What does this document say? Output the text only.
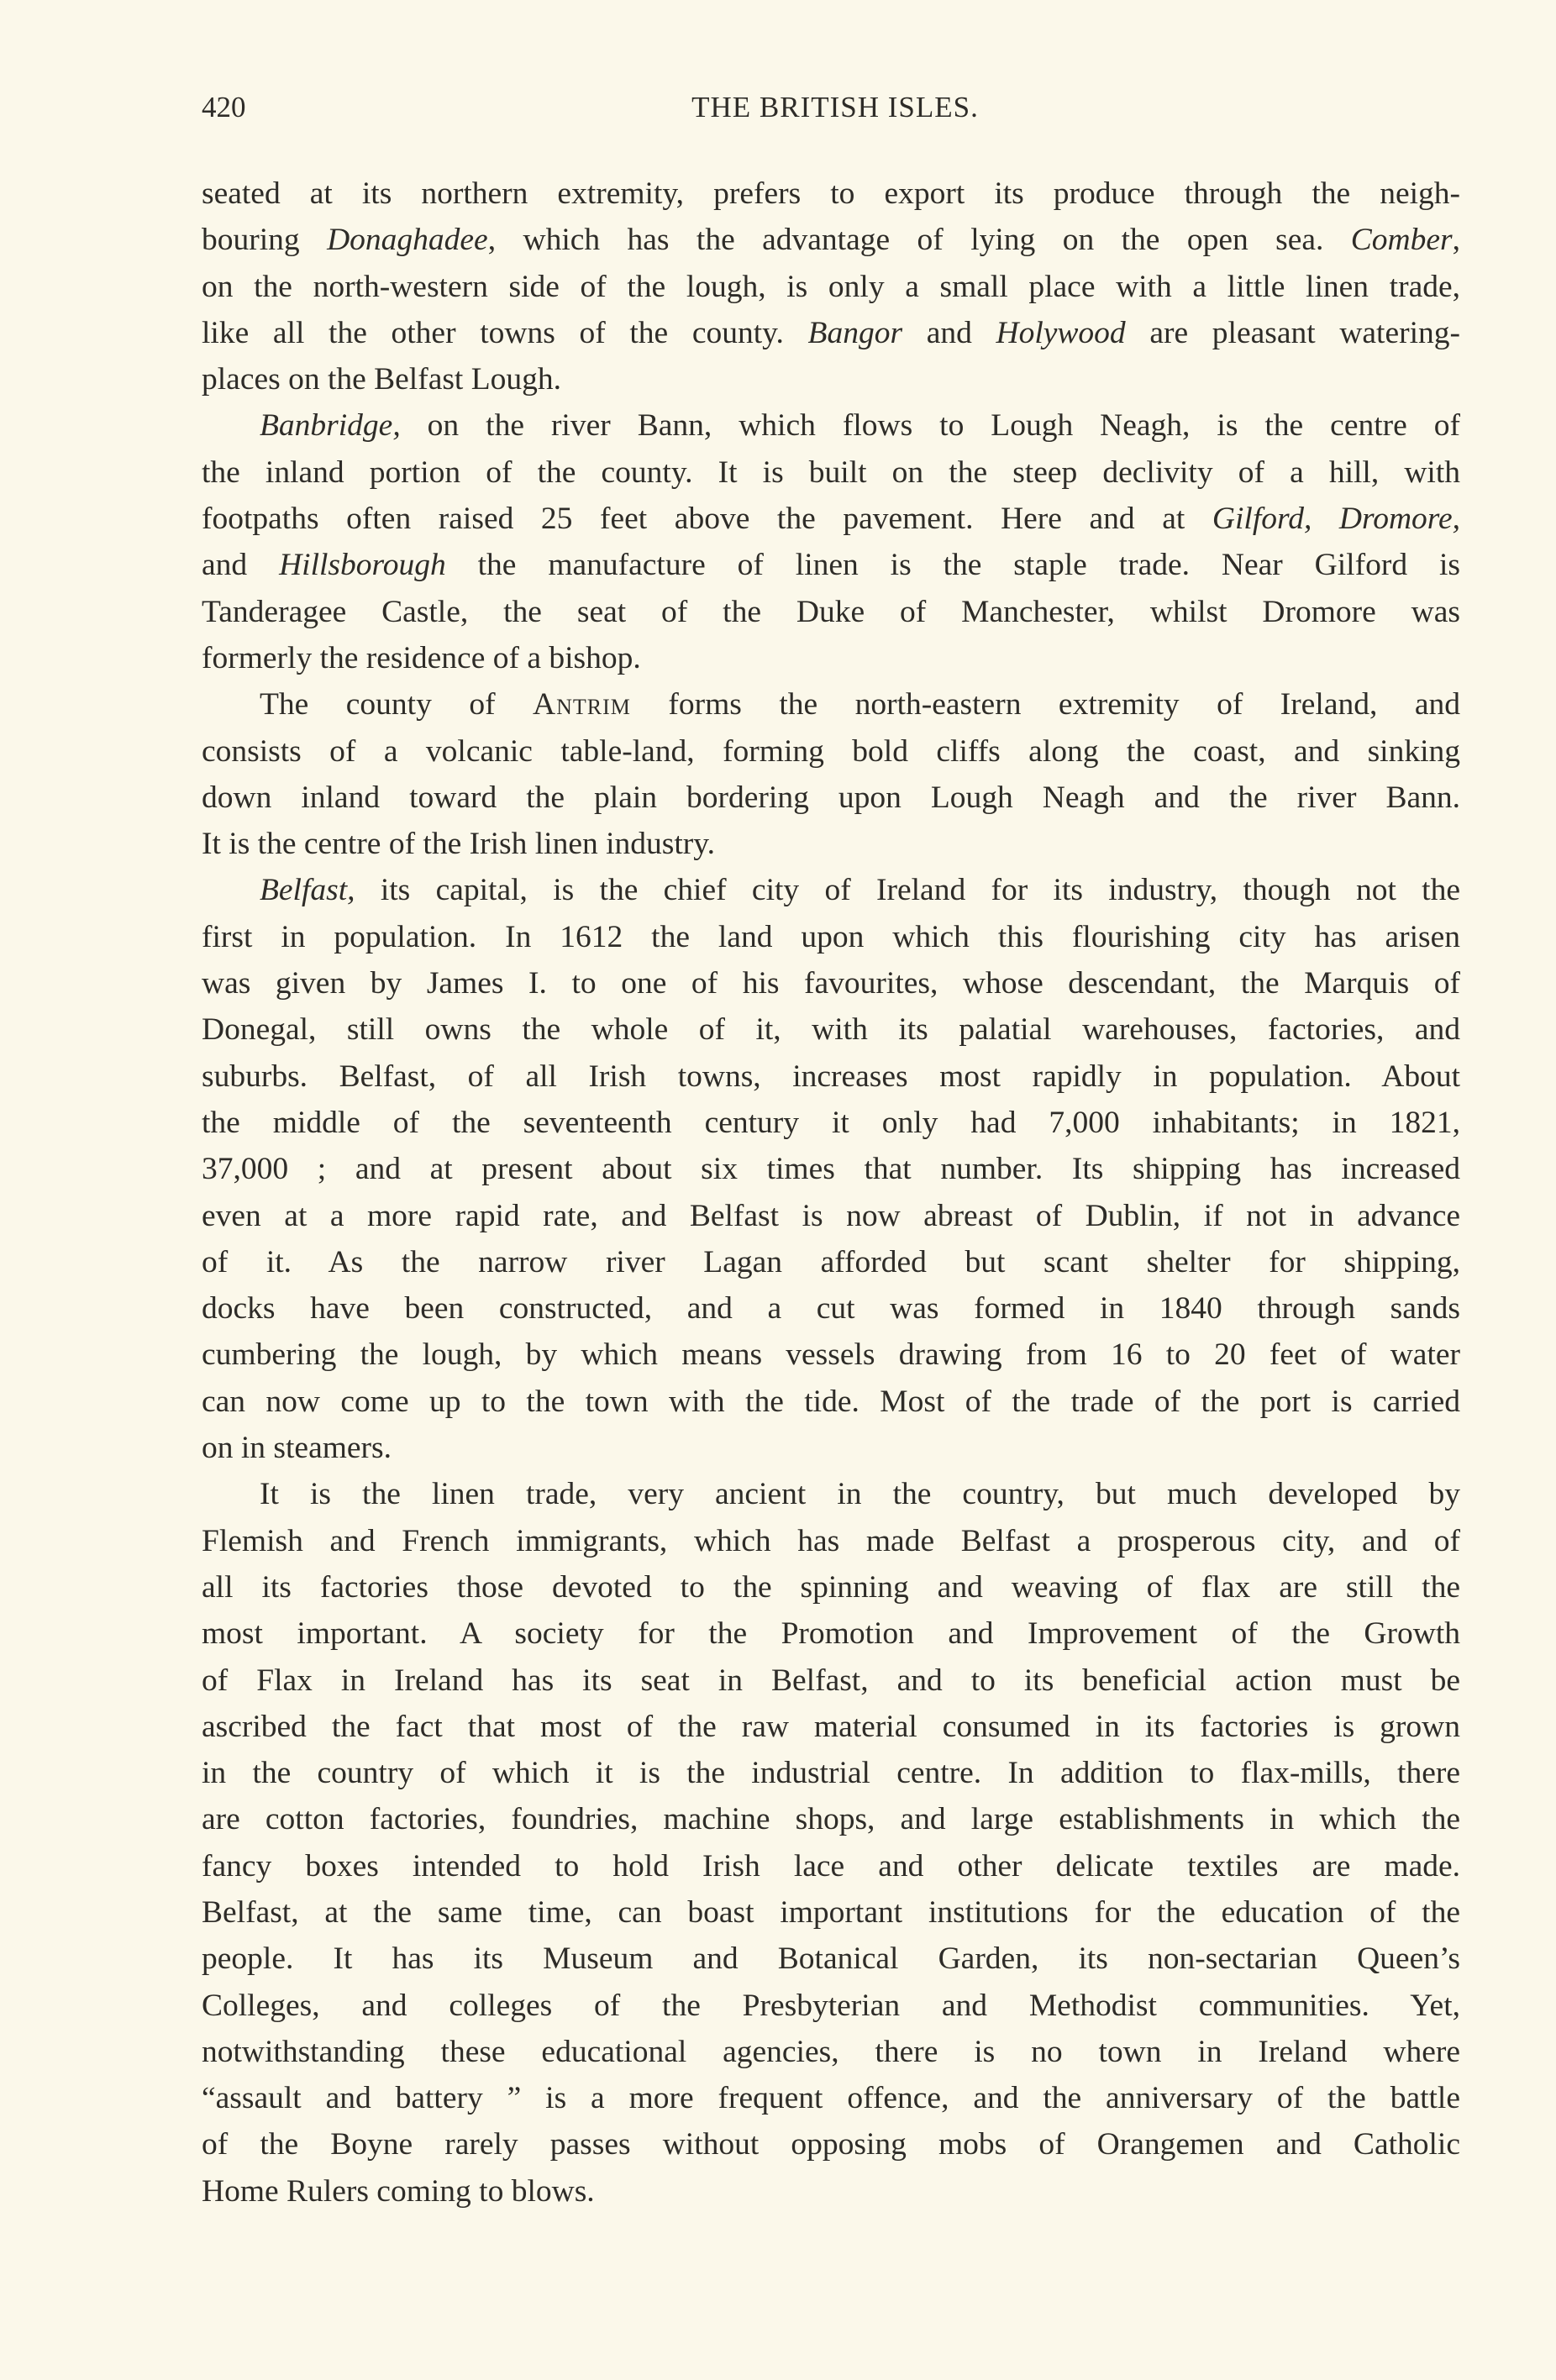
420	THE BRITISH ISLES.
seated at its northern extremity, prefers to export its produce through the neigh-
bouring Donaghadee, which has the advantage of lying on the open sea. Comber,
on the north-western side of the lough, is only a small place with a little linen trade,
like all the other towns of the county. Bangor and Holywood are pleasant watering-
places on the Belfast Lough.
Banbridge, on the river Bann, which flows to Lough Neagh, is the centre of
the inland portion of the county. It is built on the steep declivity of a hill, with
footpaths often raised 25 feet above the pavement. Here and at Gilford, Dromore,
and Hillsborough the manufacture of linen is the staple trade. Near Gilford is
Tanderagee Castle, the seat of the Duke of Manchester, whilst Dromore was
formerly the residence of a bishop.
The county of Antrim forms the north-eastern extremity of Ireland, and
consists of a volcanic table-land, forming bold cliffs along the coast, and sinking
down inland toward the plain bordering upon Lough Neagh and the river Bann.
It is the centre of the Irish linen industry.
Belfast, its capital, is the chief city of Ireland for its industry, though not the
first in population. In 1612 the land upon which this flourishing city has arisen
was given by James I. to one of his favourites, whose descendant, the Marquis of
Donegal, still owns the whole of it, with its palatial warehouses, factories, and
suburbs. Belfast, of all Irish towns, increases most rapidly in population. About
the middle of the seventeenth century it only had 7,000 inhabitants; in 1821,
37,000 ; and at present about six times that number. Its shipping has increased
even at a more rapid rate, and Belfast is now abreast of Dublin, if not in advance
of it. As the narrow river Lagan afforded but scant shelter for shipping,
docks have been constructed, and a cut was formed in 1840 through sands
cumbering the lough, by which means vessels drawing from 16 to 20 feet of water
can now come up to the town with the tide. Most of the trade of the port is carried
on in steamers.
It is the linen trade, very ancient in the country, but much developed by
Flemish and French immigrants, which has made Belfast a prosperous city, and of
all its factories those devoted to the spinning and weaving of flax are still the
most important. A society for the Promotion and Improvement of the Growth
of Flax in Ireland has its seat in Belfast, and to its beneficial action must be
ascribed the fact that most of the raw material consumed in its factories is grown
in the country of which it is the industrial centre. In addition to flax-mills, there
are cotton factories, foundries, machine shops, and large establishments in which the
fancy boxes intended to hold Irish lace and other delicate textiles are made.
Belfast, at the same time, can boast important institutions for the education of the
people. It has its Museum and Botanical Garden, its non-sectarian Queen’s
Colleges, and colleges of the Presbyterian and Methodist communities. Yet,
notwithstanding these educational agencies, there is no town in Ireland where
“assault and battery ” is a more frequent offence, and the anniversary of the battle
of the Boyne rarely passes without opposing mobs of Orangemen and Catholic
Home Rulers coming to blows.
